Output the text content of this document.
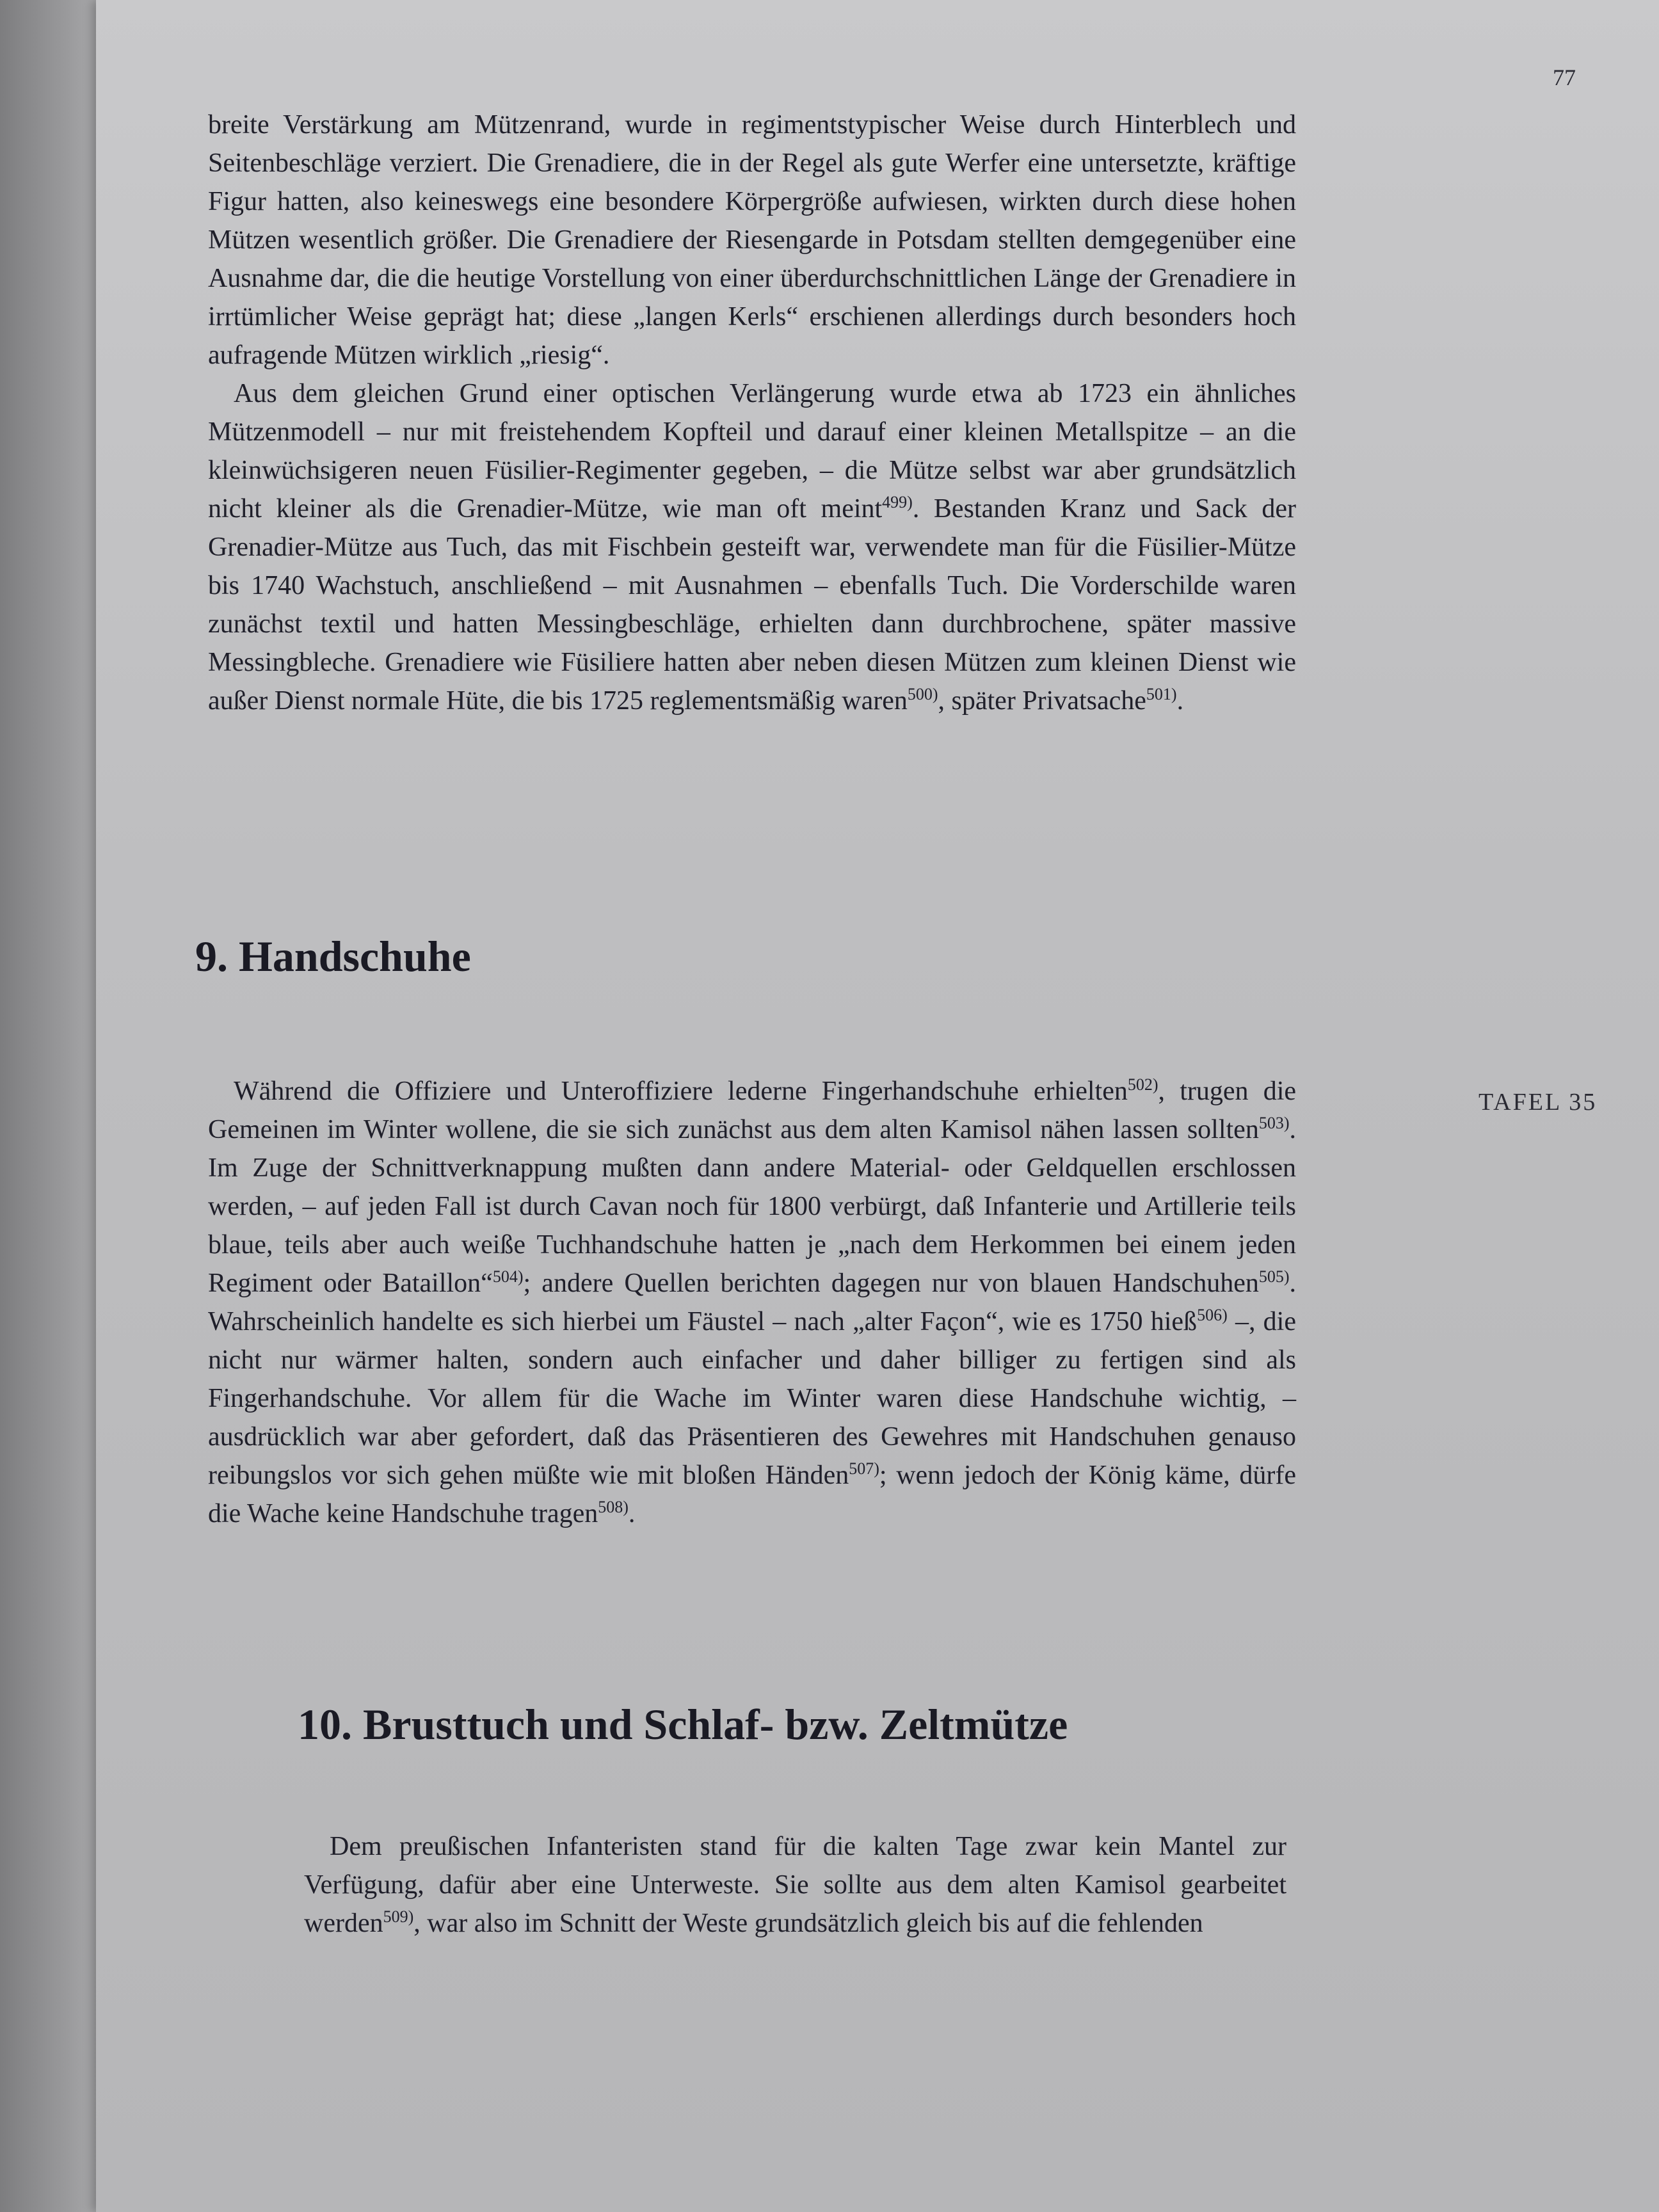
77

breite Verstärkung am Mützenrand, wurde in regimentstypischer Weise durch Hinterblech und Seitenbeschläge verziert. Die Grenadiere, die in der Regel als gute Werfer eine untersetzte, kräftige Figur hatten, also keineswegs eine besondere Körpergröße aufwiesen, wirkten durch diese hohen Mützen wesentlich größer. Die Grenadiere der Riesengarde in Potsdam stellten demgegenüber eine Ausnahme dar, die die heutige Vorstellung von einer überdurchschnittlichen Länge der Grenadiere in irrtümlicher Weise geprägt hat; diese „langen Kerls“ erschienen allerdings durch besonders hoch aufragende Mützen wirklich „riesig“.

Aus dem gleichen Grund einer optischen Verlängerung wurde etwa ab 1723 ein ähnliches Mützenmodell – nur mit freistehendem Kopfteil und darauf einer kleinen Metallspitze – an die kleinwüchsigeren neuen Füsilier-Regimenter gegeben, – die Mütze selbst war aber grundsätzlich nicht kleiner als die Grenadier-Mütze, wie man oft meint$^{499)}$. Bestanden Kranz und Sack der Grenadier-Mütze aus Tuch, das mit Fischbein gesteift war, verwendete man für die Füsilier-Mütze bis 1740 Wachstuch, anschließend – mit Ausnahmen – ebenfalls Tuch. Die Vorderschilde waren zunächst textil und hatten Messingbeschläge, erhielten dann durchbrochene, später massive Messingbleche. Grenadiere wie Füsiliere hatten aber neben diesen Mützen zum kleinen Dienst wie außer Dienst normale Hüte, die bis 1725 reglementsmäßig waren$^{500)}$, später Privatsache$^{501)}$.

9. Handschuhe
TAFEL 35

Während die Offiziere und Unteroffiziere lederne Fingerhandschuhe erhielten$^{502)}$, trugen die Gemeinen im Winter wollene, die sie sich zunächst aus dem alten Kamisol nähen lassen sollten$^{503)}$. Im Zuge der Schnittverknappung mußten dann andere Material- oder Geldquellen erschlossen werden, – auf jeden Fall ist durch Cavan noch für 1800 verbürgt, daß Infanterie und Artillerie teils blaue, teils aber auch weiße Tuchhandschuhe hatten je „nach dem Herkommen bei einem jeden Regiment oder Bataillon“$^{504)}$; andere Quellen berichten dagegen nur von blauen Handschuhen$^{505)}$. Wahrscheinlich handelte es sich hierbei um Fäustel – nach „alter Façon“, wie es 1750 hieß$^{506)}$ –, die nicht nur wärmer halten, sondern auch einfacher und daher billiger zu fertigen sind als Fingerhandschuhe. Vor allem für die Wache im Winter waren diese Handschuhe wichtig, – ausdrücklich war aber gefordert, daß das Präsentieren des Gewehres mit Handschuhen genauso reibungslos vor sich gehen müßte wie mit bloßen Händen$^{507)}$; wenn jedoch der König käme, dürfe die Wache keine Handschuhe tragen$^{508)}$.

10. Brusttuch und Schlaf- bzw. Zeltmütze

Dem preußischen Infanteristen stand für die kalten Tage zwar kein Mantel zur Verfügung, dafür aber eine Unterweste. Sie sollte aus dem alten Kamisol gearbeitet werden$^{509)}$, war also im Schnitt der Weste grundsätzlich gleich bis auf die fehlenden
